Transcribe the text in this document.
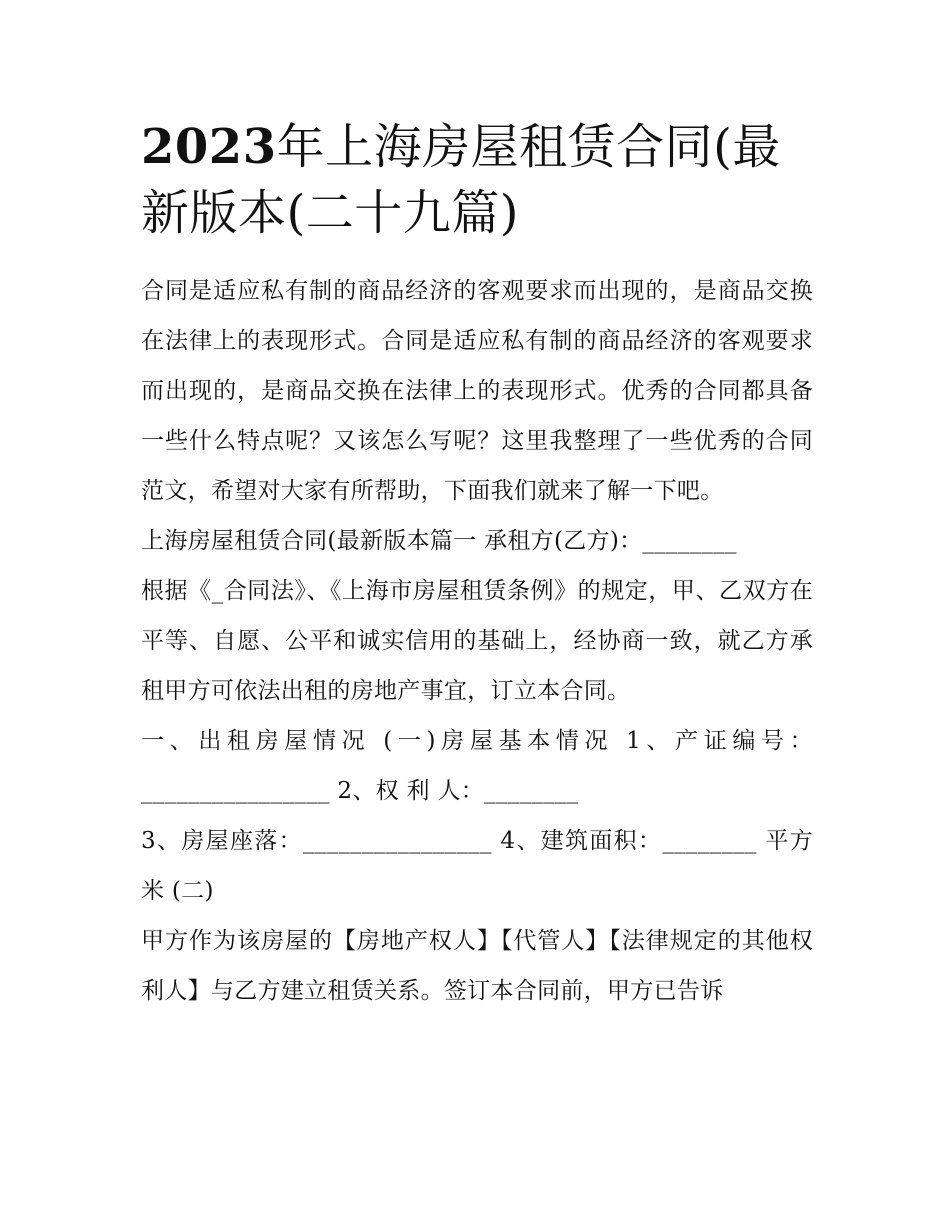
2023年上海房屋租赁合同(最新版本(二十九篇)

合同是适应私有制的商品经济的客观要求而出现的，是商品交换在法律上的表现形式。合同是适应私有制的商品经济的客观要求而出现的，是商品交换在法律上的表现形式。优秀的合同都具备一些什么特点呢？又该怎么写呢？这里我整理了一些优秀的合同范文，希望对大家有所帮助，下面我们就来了解一下吧。

上海房屋租赁合同(最新版本篇一 承租方(乙方)：________

根据《_合同法》、《上海市房屋租赁条例》的规定，甲、乙双方在平等、自愿、公平和诚实信用的基础上，经协商一致，就乙方承租甲方可依法出租的房地产事宜，订立本合同。

一、出租房屋情况 (一)房屋基本情况 1、产证编号：________________ 2、权 利 人：________

3、房屋座落：________________ 4、建筑面积：________ 平方米 (二)

甲方作为该房屋的【房地产权人】【代管人】【法律规定的其他权利人】与乙方建立租赁关系。签订本合同前，甲方已告诉
